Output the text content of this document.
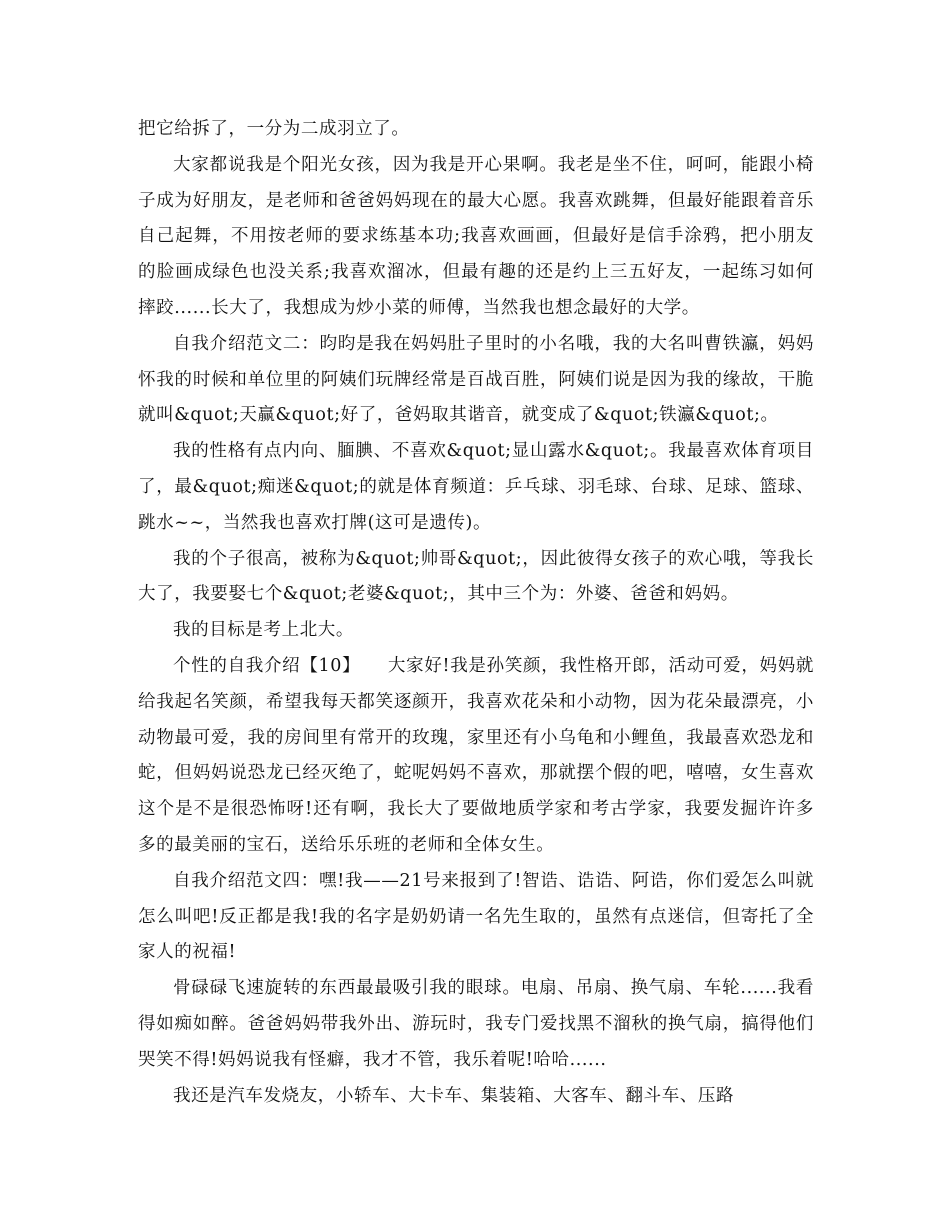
把它给拆了，一分为二成羽立了。

大家都说我是个阳光女孩，因为我是开心果啊。我老是坐不住，呵呵，能跟小椅子成为好朋友，是老师和爸爸妈妈现在的最大心愿。我喜欢跳舞，但最好能跟着音乐自己起舞，不用按老师的要求练基本功;我喜欢画画，但最好是信手涂鸦，把小朋友的脸画成绿色也没关系;我喜欢溜冰，但最有趣的还是约上三五好友，一起练习如何摔跤......长大了，我想成为炒小菜的师傅，当然我也想念最好的大学。

自我介绍范文二：昀昀是我在妈妈肚子里时的小名哦，我的大名叫曹铁瀛，妈妈怀我的时候和单位里的阿姨们玩牌经常是百战百胜，阿姨们说是因为我的缘故，干脆就叫&quot;天赢&quot;好了，爸妈取其谐音，就变成了&quot;铁瀛&quot;。

我的性格有点内向、腼腆、不喜欢&quot;显山露水&quot;。我最喜欢体育项目了，最&quot;痴迷&quot;的就是体育频道：乒乓球、羽毛球、台球、足球、篮球、跳水~~，当然我也喜欢打牌(这可是遗传)。

我的个子很高，被称为&quot;帅哥&quot;，因此彼得女孩子的欢心哦，等我长大了，我要娶七个&quot;老婆&quot;，其中三个为：外婆、爸爸和妈妈。

我的目标是考上北大。

个性的自我介绍【10】　　大家好!我是孙笑颜，我性格开郎，活动可爱，妈妈就给我起名笑颜，希望我每天都笑逐颜开，我喜欢花朵和小动物，因为花朵最漂亮，小动物最可爱，我的房间里有常开的玫瑰，家里还有小乌龟和小鲤鱼，我最喜欢恐龙和蛇，但妈妈说恐龙已经灭绝了，蛇呢妈妈不喜欢，那就摆个假的吧，嘻嘻，女生喜欢这个是不是很恐怖呀!还有啊，我长大了要做地质学家和考古学家，我要发掘许许多多的最美丽的宝石，送给乐乐班的老师和全体女生。

自我介绍范文四：嘿!我——21号来报到了!智诰、诰诰、阿诰，你们爱怎么叫就怎么叫吧!反正都是我!我的名字是奶奶请一名先生取的，虽然有点迷信，但寄托了全家人的祝福!

骨碌碌飞速旋转的东西最最吸引我的眼球。电扇、吊扇、换气扇、车轮......我看得如痴如醉。爸爸妈妈带我外出、游玩时，我专门爱找黑不溜秋的换气扇，搞得他们哭笑不得!妈妈说我有怪癖，我才不管，我乐着呢!哈哈......

我还是汽车发烧友，小轿车、大卡车、集装箱、大客车、翻斗车、压路
